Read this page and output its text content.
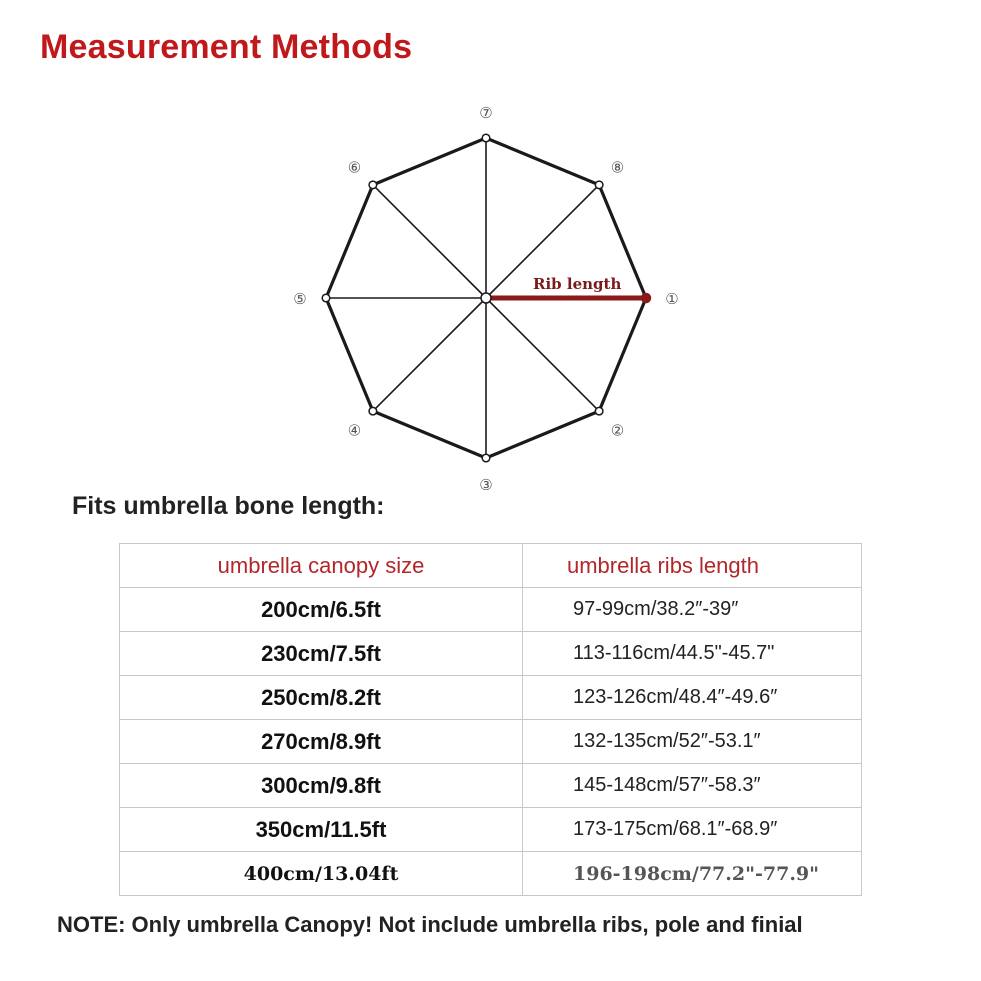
Measurement Methods
Rib length
①
②
③
④
⑤
⑥
⑦
⑧
Fits umbrella bone length:
umbrella canopy size	umbrella ribs length
200cm/6.5ft	97-99cm/38.2″-39″
230cm/7.5ft	113-116cm/44.5"-45.7"
250cm/8.2ft	123-126cm/48.4″-49.6″
270cm/8.9ft	132-135cm/52″-53.1″
300cm/9.8ft	145-148cm/57″-58.3″
350cm/11.5ft	173-175cm/68.1″-68.9″
400cm/13.04ft	196-198cm/77.2"-77.9"
NOTE: Only umbrella Canopy! Not include umbrella ribs, pole and finial
